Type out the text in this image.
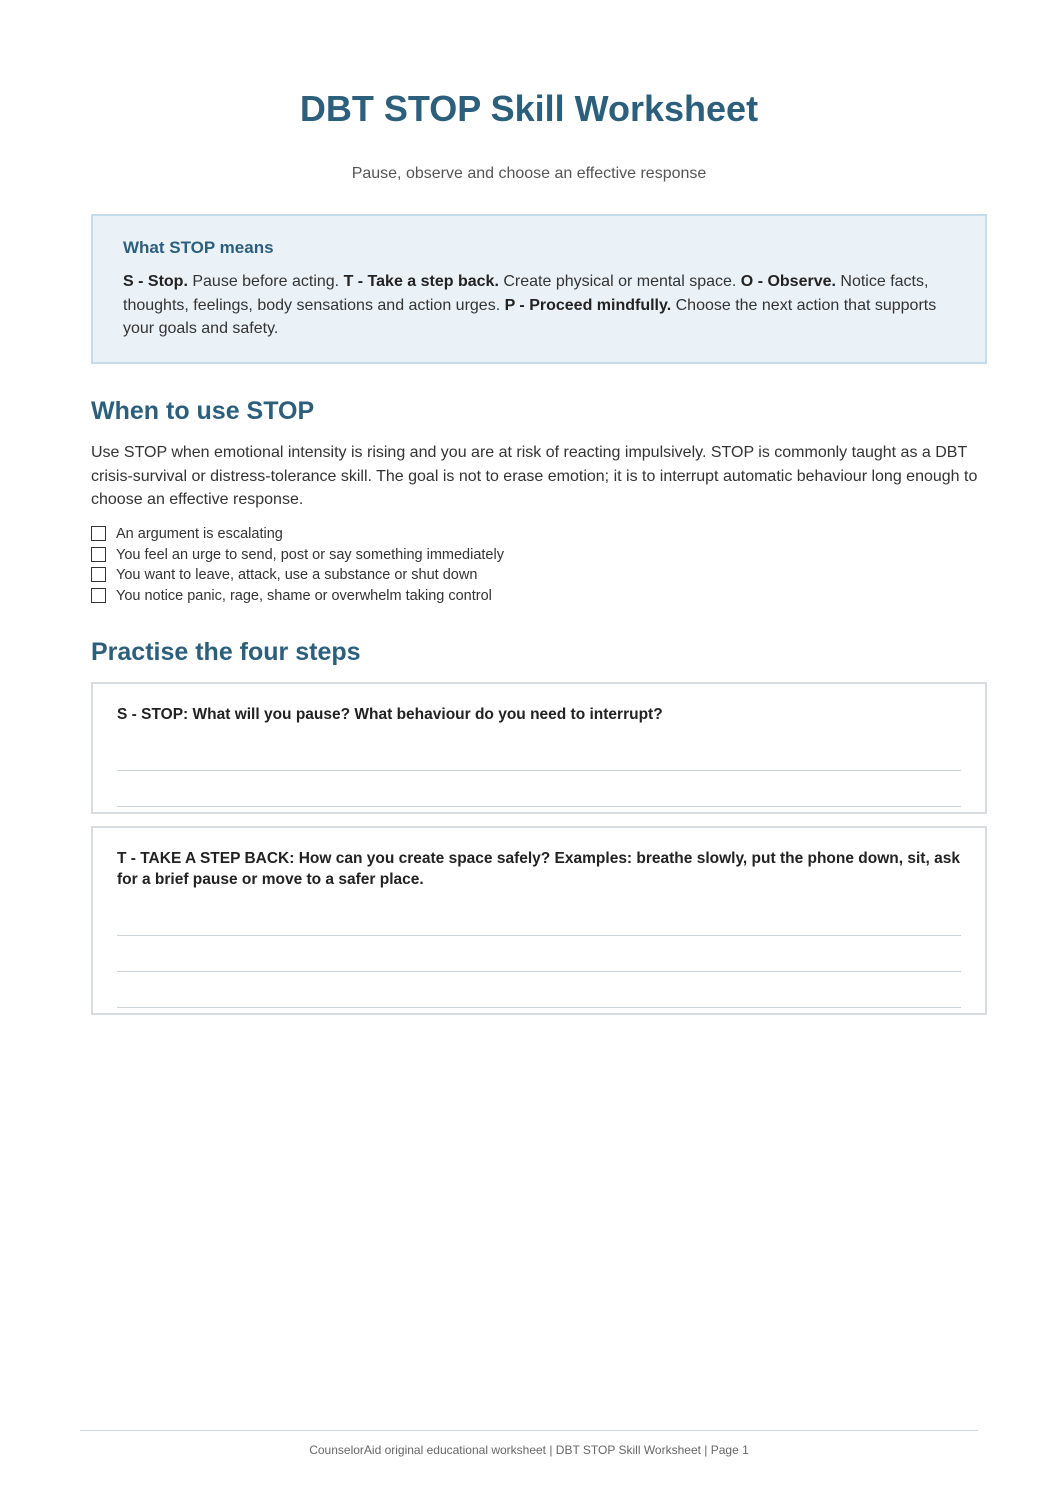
DBT STOP Skill Worksheet
Pause, observe and choose an effective response
What STOP means

S - Stop. Pause before acting. T - Take a step back. Create physical or mental space. O - Observe. Notice facts, thoughts, feelings, body sensations and action urges. P - Proceed mindfully. Choose the next action that supports your goals and safety.

When to use STOP

Use STOP when emotional intensity is rising and you are at risk of reacting impulsively. STOP is commonly taught as a DBT crisis-survival or distress-tolerance skill. The goal is not to erase emotion; it is to interrupt automatic behaviour long enough to choose an effective response.

An argument is escalating
You feel an urge to send, post or say something immediately
You want to leave, attack, use a substance or shut down
You notice panic, rage, shame or overwhelm taking control
Practise the four steps

S - STOP: What will you pause? What behaviour do you need to interrupt?

T - TAKE A STEP BACK: How can you create space safely? Examples: breathe slowly, put the phone down, sit, ask for a brief pause or move to a safer place.

CounselorAid original educational worksheet | DBT STOP Skill Worksheet | Page 1
